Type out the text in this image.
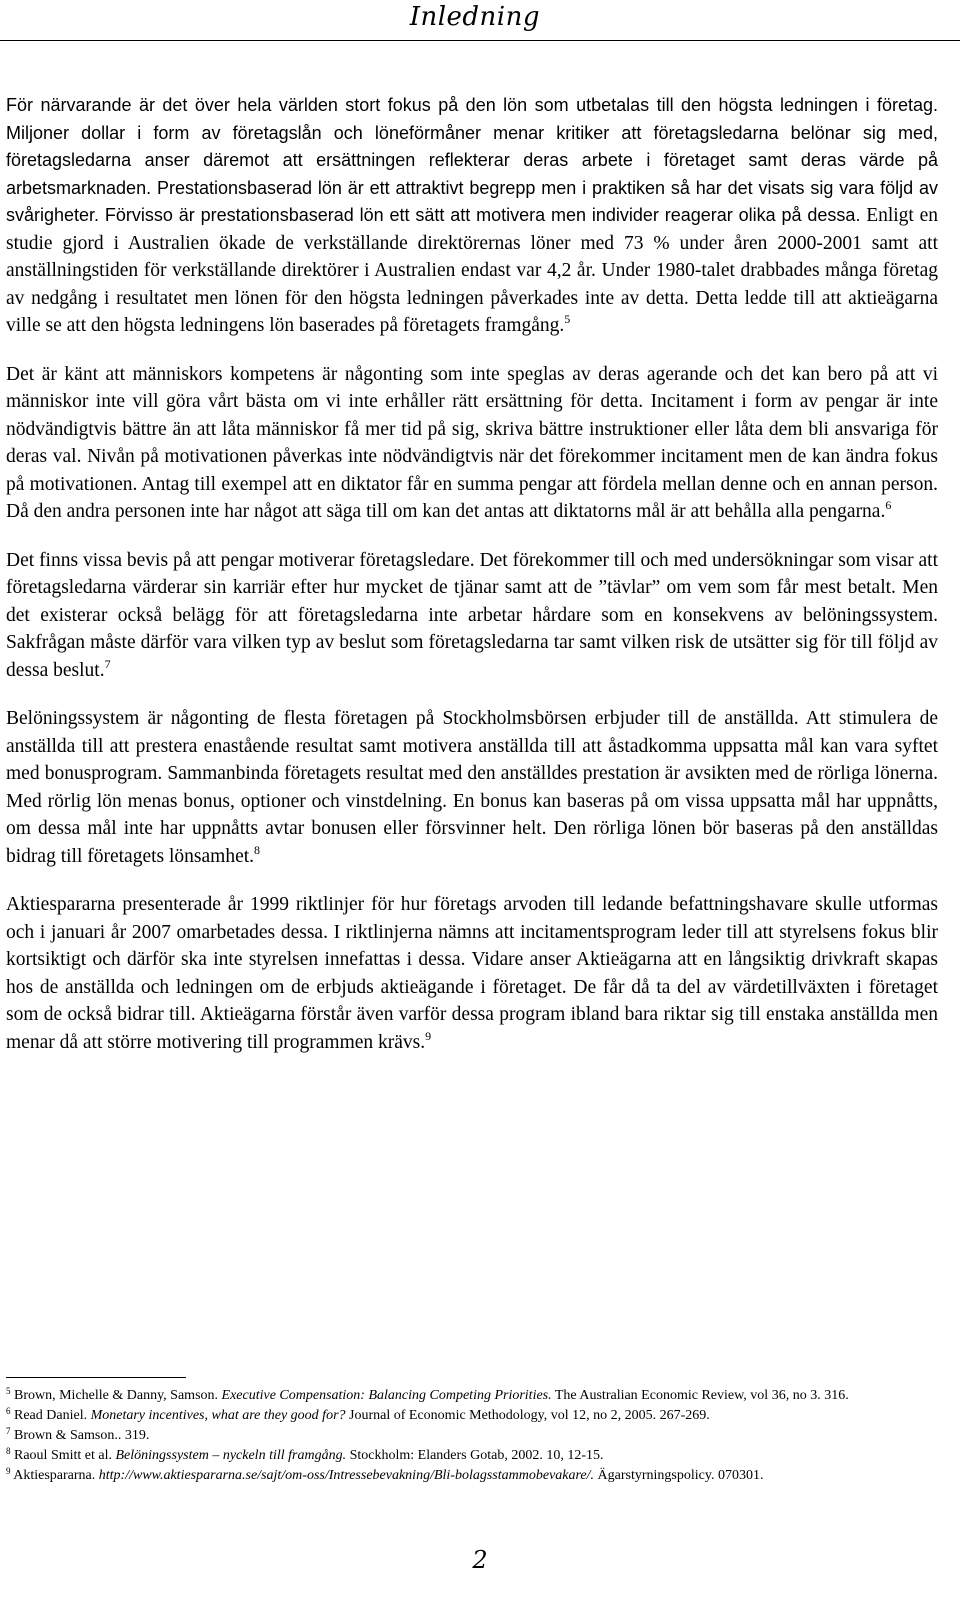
Inledning

För närvarande är det över hela världen stort fokus på den lön som utbetalas till den högsta ledningen i företag. Miljoner dollar i form av företagslån och löneförmåner menar kritiker att företagsledarna belönar sig med, företagsledarna anser däremot att ersättningen reflekterar deras arbete i företaget samt deras värde på arbetsmarknaden. Prestationsbaserad lön är ett attraktivt begrepp men i praktiken så har det visats sig vara följd av svårigheter. Förvisso är prestationsbaserad lön ett sätt att motivera men individer reagerar olika på dessa. Enligt en studie gjord i Australien ökade de verkställande direktörernas löner med 73 % under åren 2000-2001 samt att anställningstiden för verkställande direktörer i Australien endast var 4,2 år. Under 1980-talet drabbades många företag av nedgång i resultatet men lönen för den högsta ledningen påverkades inte av detta. Detta ledde till att aktieägarna ville se att den högsta ledningens lön baserades på företagets framgång.$^5$

Det är känt att människors kompetens är någonting som inte speglas av deras agerande och det kan bero på att vi människor inte vill göra vårt bästa om vi inte erhåller rätt ersättning för detta. Incitament i form av pengar är inte nödvändigtvis bättre än att låta människor få mer tid på sig, skriva bättre instruktioner eller låta dem bli ansvariga för deras val. Nivån på motivationen påverkas inte nödvändigtvis när det förekommer incitament men de kan ändra fokus på motivationen. Antag till exempel att en diktator får en summa pengar att fördela mellan denne och en annan person. Då den andra personen inte har något att säga till om kan det antas att diktatorns mål är att behålla alla pengarna.$^6$

Det finns vissa bevis på att pengar motiverar företagsledare. Det förekommer till och med undersökningar som visar att företagsledarna värderar sin karriär efter hur mycket de tjänar samt att de ”tävlar” om vem som får mest betalt. Men det existerar också belägg för att företagsledarna inte arbetar hårdare som en konsekvens av belöningssystem. Sakfrågan måste därför vara vilken typ av beslut som företagsledarna tar samt vilken risk de utsätter sig för till följd av dessa beslut.$^7$

Belöningssystem är någonting de flesta företagen på Stockholmsbörsen erbjuder till de anställda. Att stimulera de anställda till att prestera enastående resultat samt motivera anställda till att åstadkomma uppsatta mål kan vara syftet med bonusprogram. Sammanbinda företagets resultat med den anställdes prestation är avsikten med de rörliga lönerna. Med rörlig lön menas bonus, optioner och vinstdelning. En bonus kan baseras på om vissa uppsatta mål har uppnåtts, om dessa mål inte har uppnåtts avtar bonusen eller försvinner helt. Den rörliga lönen bör baseras på den anställdas bidrag till företagets lönsamhet.$^8$

Aktiespararna presenterade år 1999 riktlinjer för hur företags arvoden till ledande befattningshavare skulle utformas och i januari år 2007 omarbetades dessa. I riktlinjerna nämns att incitamentsprogram leder till att styrelsens fokus blir kortsiktigt och därför ska inte styrelsen innefattas i dessa. Vidare anser Aktieägarna att en långsiktig drivkraft skapas hos de anställda och ledningen om de erbjuds aktieägande i företaget. De får då ta del av värdetillväxten i företaget som de också bidrar till. Aktieägarna förstår även varför dessa program ibland bara riktar sig till enstaka anställda men menar då att större motivering till programmen krävs.$^9$

$^5$ Brown, Michelle & Danny, Samson. Executive Compensation: Balancing Competing Priorities. The Australian Economic Review, vol 36, no 3. 316.

$^6$ Read Daniel. Monetary incentives, what are they good for? Journal of Economic Methodology, vol 12, no 2, 2005. 267-269.

$^7$ Brown & Samson.. 319.

$^8$ Raoul Smitt et al. Belöningssystem – nyckeln till framgång. Stockholm: Elanders Gotab, 2002. 10, 12-15.

$^9$ Aktiespararna. http://www.aktiespararna.se/sajt/om-oss/Intressebevakning/Bli-bolagsstammobevakare/. Ägarstyrningspolicy. 070301.

2
